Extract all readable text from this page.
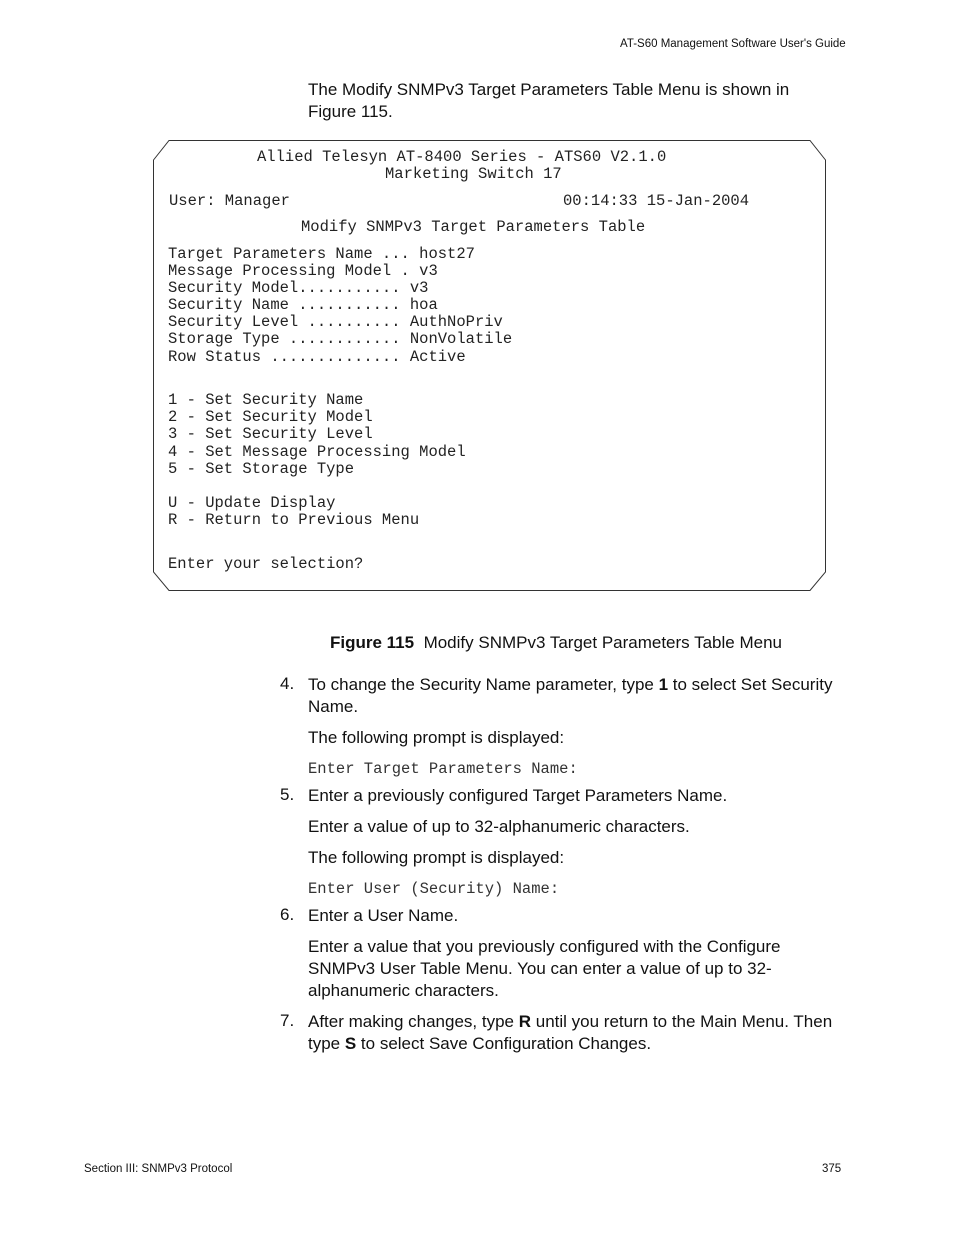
AT-S60 Management Software User's Guide
The Modify SNMPv3 Target Parameters Table Menu is shown in Figure 115.
Allied Telesyn AT-8400 Series - ATS60 V2.1.0
Marketing Switch 17
User: Manager	00:14:33 15-Jan-2004
Modify SNMPv3 Target Parameters Table
Target Parameters Name ... host27
Message Processing Model . v3
Security Model........... v3
Security Name ........... hoa
Security Level .......... AuthNoPriv
Storage Type ............ NonVolatile
Row Status .............. Active
1 - Set Security Name
2 - Set Security Model
3 - Set Security Level
4 - Set Message Processing Model
5 - Set Storage Type
U - Update Display
R - Return to Previous Menu
Enter your selection?
Figure 115 Modify SNMPv3 Target Parameters Table Menu
4. To change the Security Name parameter, type 1 to select Set Security Name.
The following prompt is displayed:
Enter Target Parameters Name:
5. Enter a previously configured Target Parameters Name.
Enter a value of up to 32-alphanumeric characters.
The following prompt is displayed:
Enter User (Security) Name:
6. Enter a User Name.
Enter a value that you previously configured with the Configure SNMPv3 User Table Menu. You can enter a value of up to 32-alphanumeric characters.
7. After making changes, type R until you return to the Main Menu. Then type S to select Save Configuration Changes.
Section III: SNMPv3 Protocol	375
